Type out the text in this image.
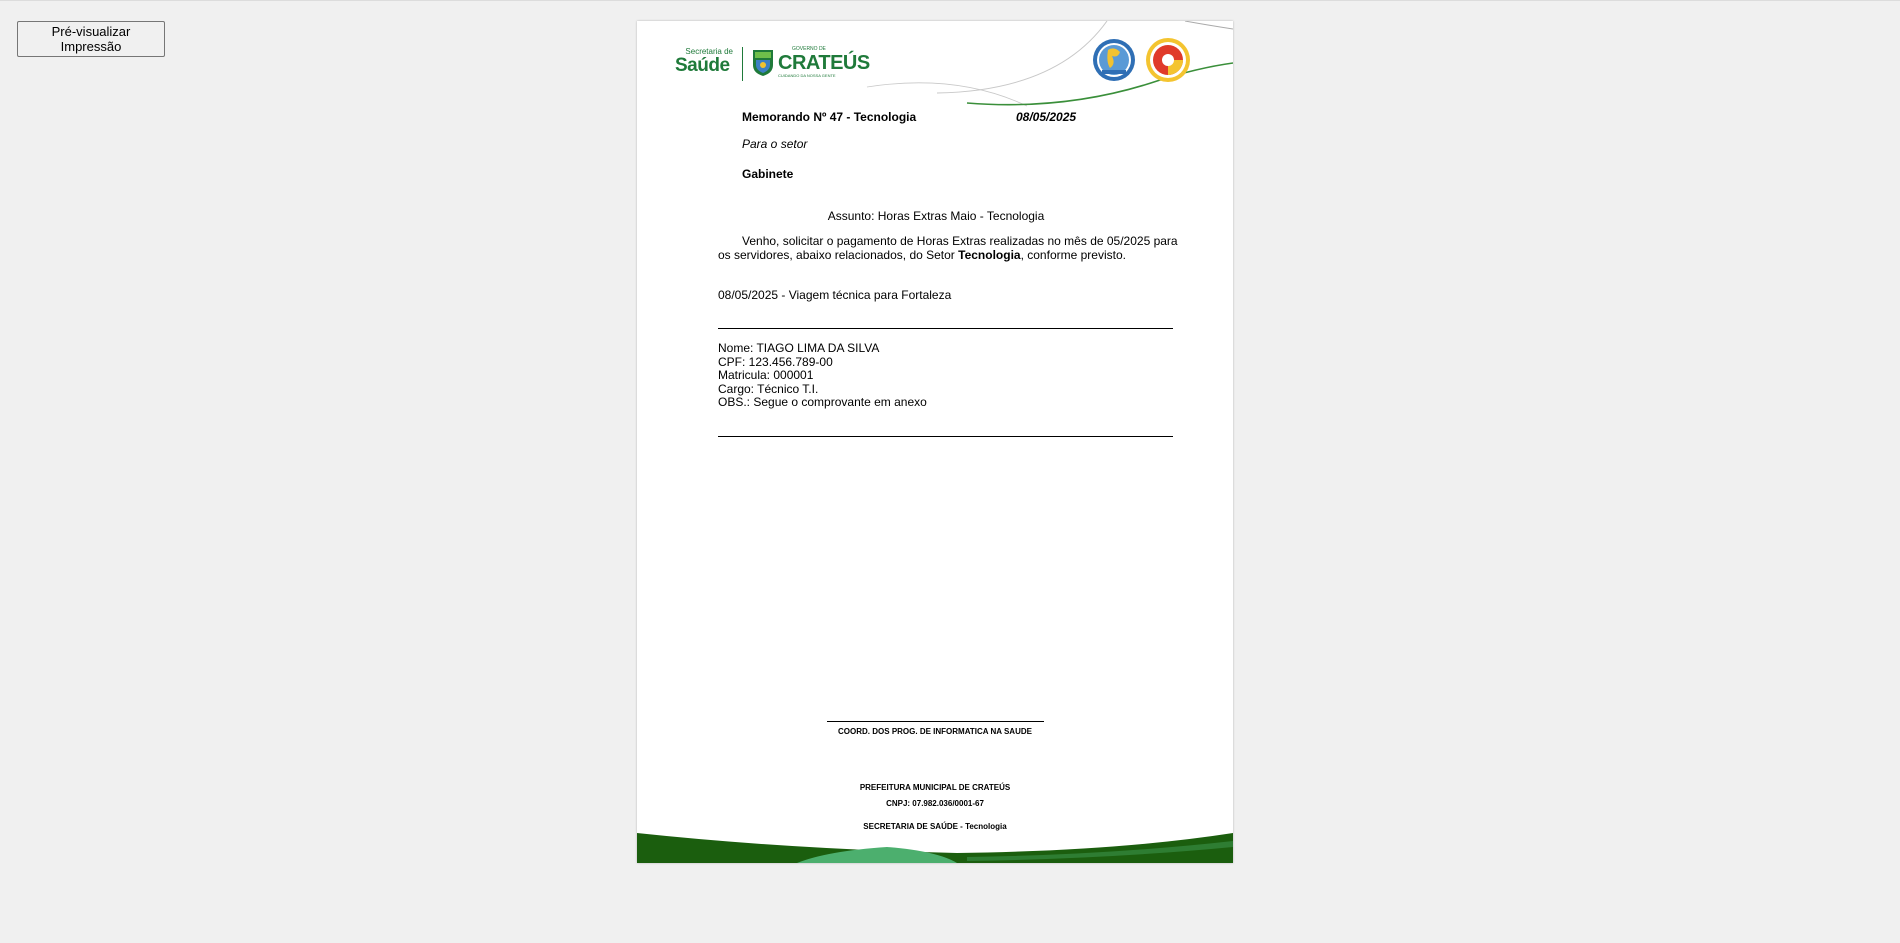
Pré-visualizar
Impressão	Secretaria de
Saúde
GOVERNO DE
CRATEÚS
CUIDANDO DA NOSSA GENTE
Memorando Nº 47 - Tecnologia	08/05/2025
Para o setor
Gabinete
Assunto: Horas Extras Maio - Tecnologia
Venho, solicitar o pagamento de Horas Extras realizadas no mês de 05/2025 para os servidores, abaixo relacionados, do Setor Tecnologia, conforme previsto.
08/05/2025 - Viagem técnica para Fortaleza
Nome: TIAGO LIMA DA SILVA
CPF: 123.456.789-00
Matricula: 000001
Cargo: Técnico T.I.
OBS.: Segue o comprovante em anexo
COORD. DOS PROG. DE INFORMATICA NA SAUDE
PREFEITURA MUNICIPAL DE CRATEÚS
CNPJ: 07.982.036/0001-67
SECRETARIA DE SAÚDE - Tecnologia
